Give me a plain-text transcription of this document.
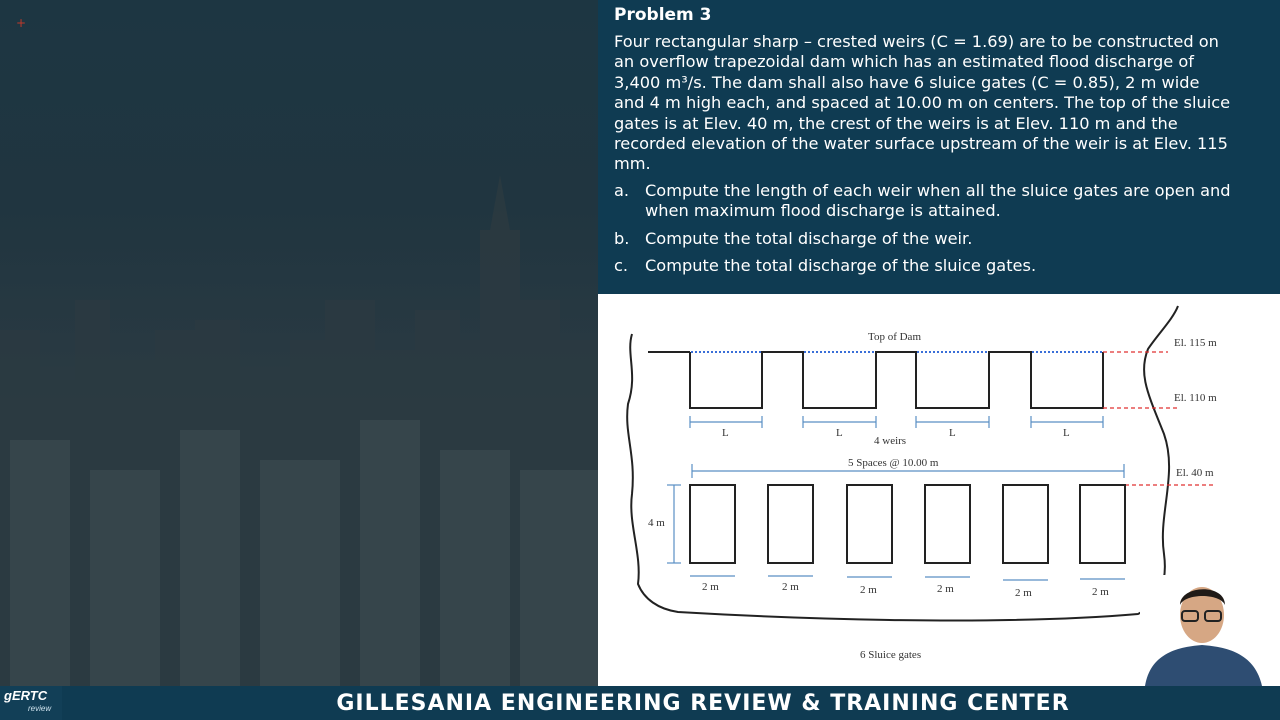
+	Problem 3
Four rectangular sharp – crested weirs (C = 1.69) are to be constructed on an overflow trapezoidal dam which has an estimated flood discharge of 3,400 m³/s. The dam shall also have 6 sluice gates (C = 0.85), 2 m wide and 4 m high each, and spaced at 10.00 m on centers. The top of the sluice gates is at Elev. 40 m, the crest of the weirs is at Elev. 110 m and the recorded elevation of the water surface upstream of the weir is at Elev. 115 mm.
a. Compute the length of each weir when all the sluice gates are open and when maximum flood discharge is attained.
b. Compute the total discharge of the weir.
c.	Compute the total discharge of the sluice gates.
Top of Dam	El. 115 m
El. 110 m
El. 40 m
L	L	L	L
4 weirs
5 Spaces @ 10.00 m
4 m
2 m	2 m	2 m	2 m	2 m	2 m
6 Sluice gates
GILLESANIA ENGINEERING REVIEW & TRAINING CENTER
gERTC
review
